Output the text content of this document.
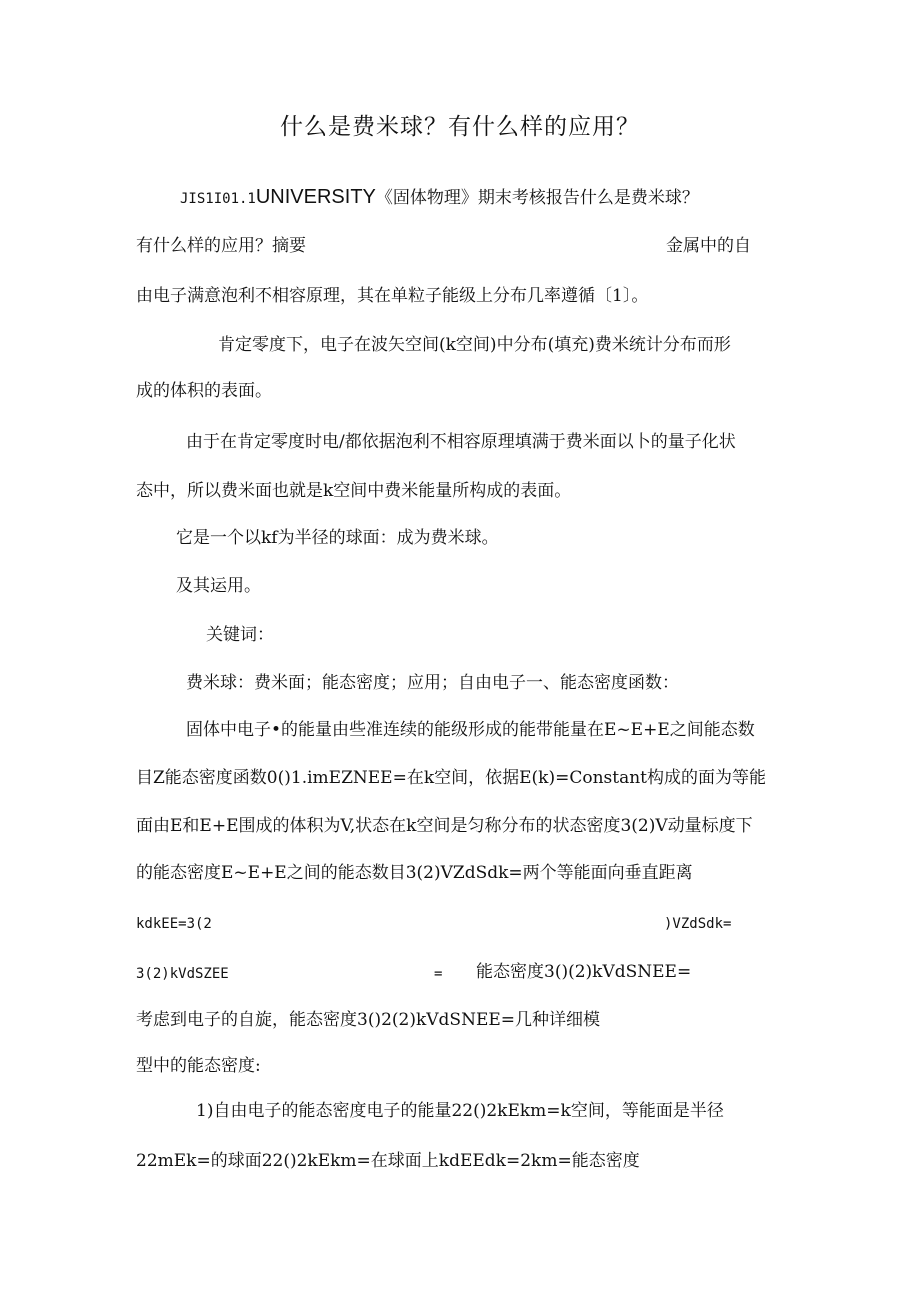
什么是费米球？有什么样的应用？
JIS1I01.1UNIVERSITY《固体物理》期末考核报告什么是费米球？
有什么样的应用？摘要	金属中的自
由电子满意泡利不相容原理，其在单粒子能级上分布几率遵循〔1〕。
肯定零度下，电子在波矢空间(k空间)中分布(填充)费米统计分布而形
成的体积的表面。
由于在肯定零度时电/都依据泡利不相容原理填满于费米面以卜的量子化状
态中，所以费米面也就是k空间中费米能量所构成的表面。
它是一个以kf为半径的球面：成为费米球。
及其运用。
关键词：
费米球：费米面；能态密度；应用；自由电子一、能态密度函数：
固体中电子•的能量由些准连续的能级形成的能带能量在E~E+E之间能态数
目Z能态密度函数0()1.imEZNEE=在k空间，依据E(k)=Constant构成的面为等能
面由E和E+E围成的体积为V,状态在k空间是匀称分布的状态密度3(2)V动量标度下
的能态密度E~E+E之间的能态数目3(2)VZdSdk=两个等能面向垂直距离
kdkEE=3(2	)VZdSdk=
3(2)kVdSZEE	= 能态密度3()(2)kVdSNEE=
考虑到电子的自旋，能态密度3()2(2)kVdSNEE=几种详细模
型中的能态密度:
1)自由电子的能态密度电子的能量22()2kEkm=k空间，等能面是半径
22mEk=的球面22()2kEkm=在球面上kdEEdk=2km=能态密度
